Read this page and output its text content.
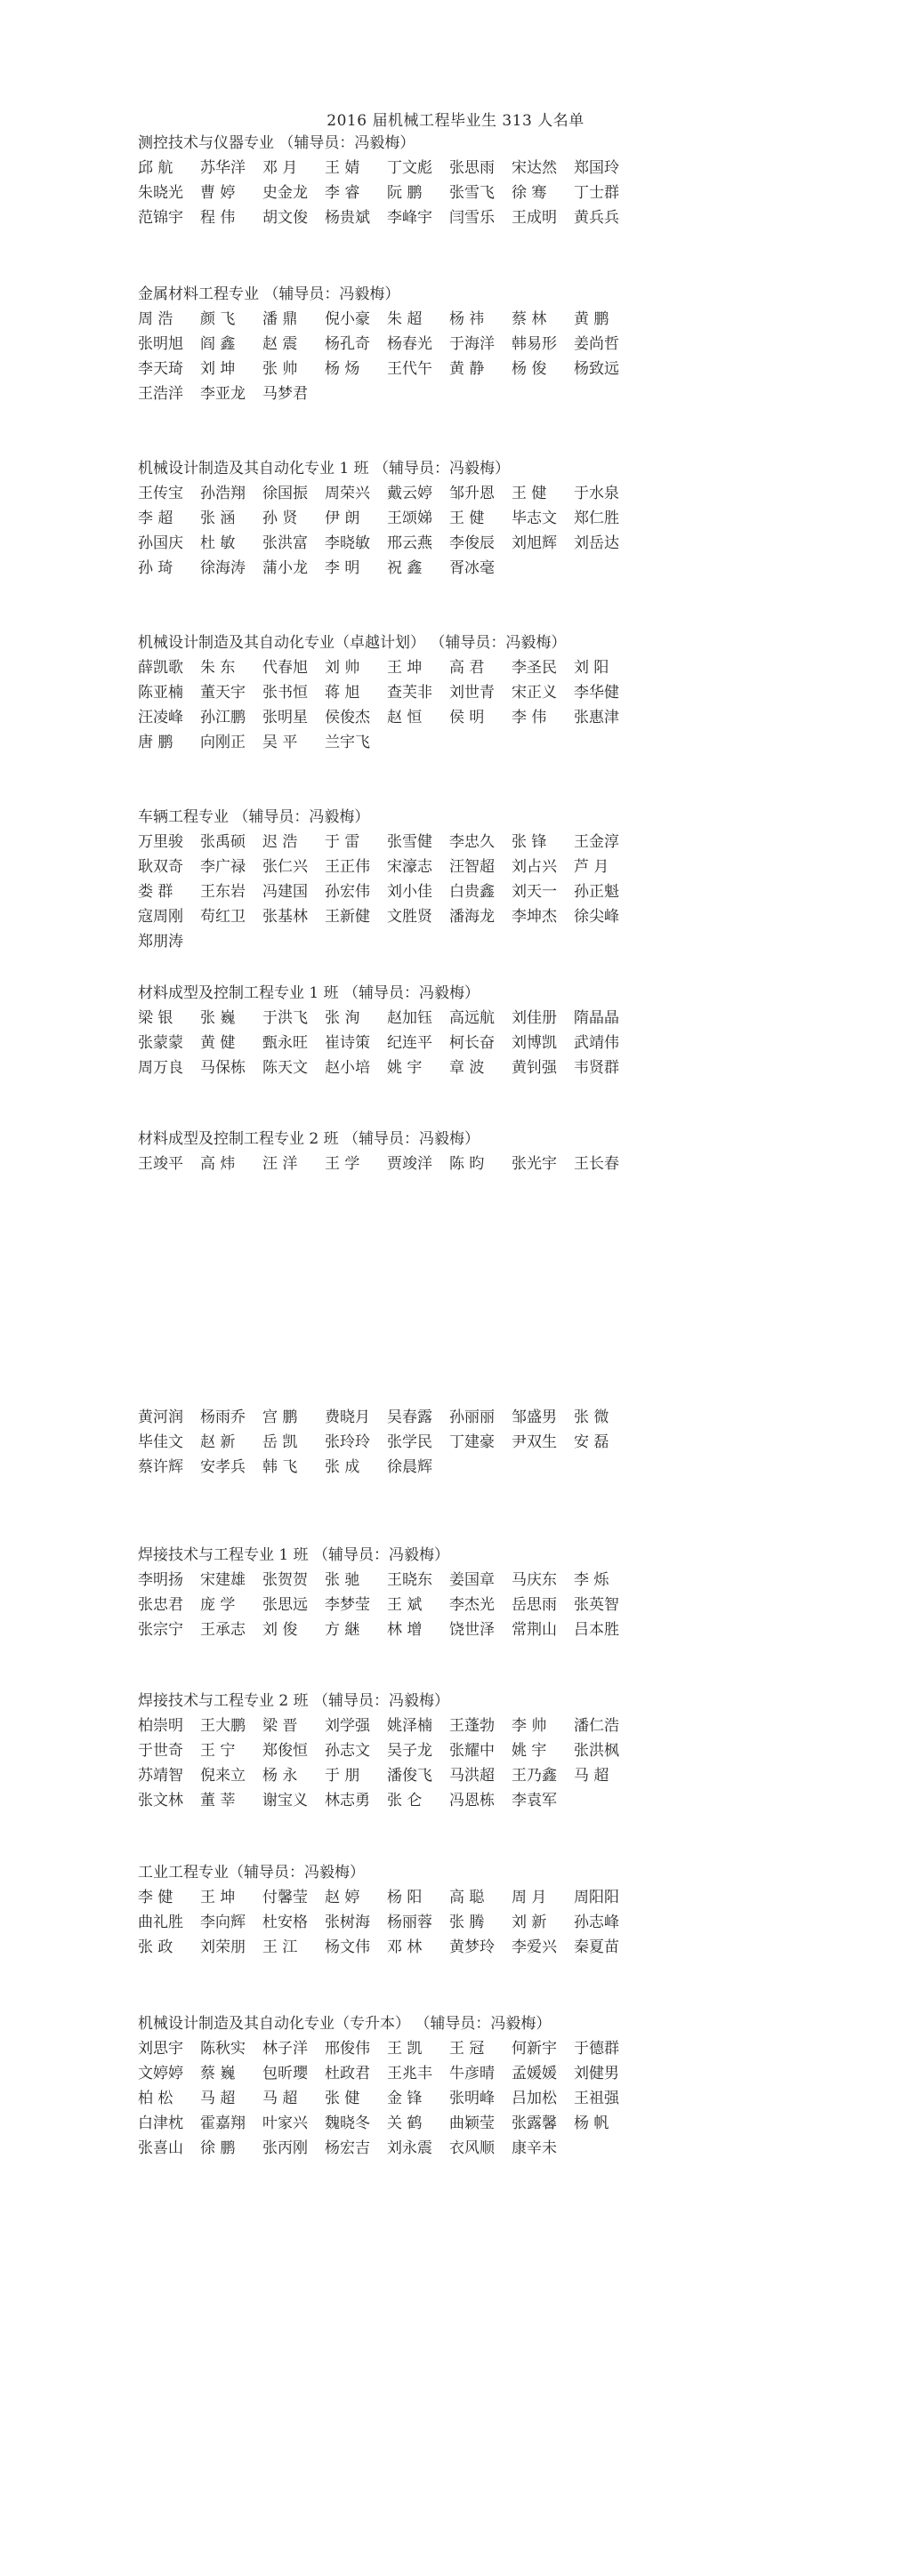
2016 届机械工程毕业生 313 人名单
测控技术与仪器专业 （辅导员：冯毅梅）
邱 航	苏华洋	邓 月	王 婧	丁文彪	张思雨	宋达然	郑国玲
朱晓光	曹 婷	史金龙	李 睿	阮 鹏	张雪飞	徐 骞	丁士群
范锦宇	程 伟	胡文俊	杨贵斌	李峰宇	闫雪乐	王成明	黄兵兵
金属材料工程专业 （辅导员：冯毅梅）
周 浩	颜 飞	潘 鼎	倪小豪	朱 超	杨 祎	蔡 林	黄 鹏
张明旭	阎 鑫	赵 震	杨孔奇	杨春光	于海洋	韩易形	姜尚哲
李天琦	刘 坤	张 帅	杨 炀	王代午	黄 静	杨 俊	杨致远
王浩洋	李亚龙	马梦君
机械设计制造及其自动化专业 1 班 （辅导员：冯毅梅）
王传宝	孙浩翔	徐国振	周荣兴	戴云婷	邹升恩	王 健	于水泉
李 超	张 涵	孙 贤	伊 朗	王颂娣	王 健	毕志文	郑仁胜
孙国庆	杜 敏	张洪富	李晓敏	邢云燕	李俊辰	刘旭辉	刘岳达
孙 琦	徐海涛	蒲小龙	李 明	祝 鑫	胥冰毫
机械设计制造及其自动化专业（卓越计划） （辅导员：冯毅梅）
薛凯歌	朱 东	代春旭	刘 帅	王 坤	高 君	李圣民	刘 阳
陈亚楠	董天宇	张书恒	蒋 旭	查芙非	刘世青	宋正义	李华健
汪凌峰	孙江鹏	张明星	侯俊杰	赵 恒	侯 明	李 伟	张惠津
唐 鹏	向刚正	吴 平	兰宇飞
车辆工程专业 （辅导员：冯毅梅）
万里骏	张禹硕	迟 浩	于 雷	张雪健	李忠久	张 锋	王金淳
耿双奇	李广禄	张仁兴	王正伟	宋濠志	汪智超	刘占兴	芦 月
娄 群	王东岩	冯建国	孙宏伟	刘小佳	白贵鑫	刘天一	孙正魁
寇周刚	苟红卫	张基林	王新健	文胜贤	潘海龙	李坤杰	徐尖峰
郑朋涛
材料成型及控制工程专业 1 班 （辅导员：冯毅梅）
梁 银	张 巍	于洪飞	张 洵	赵加钰	高远航	刘佳册	隋晶晶
张蒙蒙	黄 健	甄永旺	崔诗策	纪连平	柯长奋	刘博凯	武靖伟
周万良	马保栋	陈天文	赵小培	姚 宇	章 波	黄钊强	韦贤群
材料成型及控制工程专业 2 班 （辅导员：冯毅梅）
王竣平	高 炜	汪 洋	王 学	贾竣洋	陈 昀	张光宇	王长春
黄河润	杨雨乔	宫 鹏	费晓月	吴春露	孙丽丽	邹盛男	张 微
毕佳文	赵 新	岳 凯	张玲玲	张学民	丁建豪	尹双生	安 磊
蔡许辉	安孝兵	韩 飞	张 成	徐晨辉
焊接技术与工程专业 1 班 （辅导员：冯毅梅）
李明扬	宋建雄	张贺贺	张 驰	王晓东	姜国章	马庆东	李 烁
张忠君	庞 学	张思远	李梦莹	王 斌	李杰光	岳思雨	张英智
张宗宁	王承志	刘 俊	方 継	林 增	饶世泽	常荆山	吕本胜
焊接技术与工程专业 2 班 （辅导员：冯毅梅）
柏崇明	王大鹏	梁 晋	刘学强	姚泽楠	王蓬勃	李 帅	潘仁浩
于世奇	王 宁	郑俊恒	孙志文	吴子龙	张耀中	姚 宇	张洪枫
苏靖智	倪来立	杨 永	于 朋	潘俊飞	马洪超	王乃鑫	马 超
张文林	董 莘	谢宝义	林志勇	张 仑	冯恩栋	李袁军
工业工程专业（辅导员：冯毅梅）
李 健	王 坤	付馨莹	赵 婷	杨 阳	高 聪	周 月	周阳阳
曲礼胜	李向辉	杜安格	张树海	杨丽蓉	张 腾	刘 新	孙志峰
张 政	刘荣朋	王 江	杨文伟	邓 林	黄梦玲	李爱兴	秦夏苗
机械设计制造及其自动化专业（专升本） （辅导员：冯毅梅）
刘思宇	陈秋实	林子洋	邢俊伟	王 凯	王 冠	何新宇	于德群
文婷婷	蔡 巍	包昕瓔	杜政君	王兆丰	牛彦晴	孟媛媛	刘健男
柏 松	马 超	马 超	张 健	金 锋	张明峰	吕加松	王祖强
白津枕	霍嘉翔	叶家兴	魏晓冬	关 鹤	曲颖莹	张露馨	杨 帆
张喜山	徐 鹏	张丙刚	杨宏吉	刘永震	衣风顺	康辛未
